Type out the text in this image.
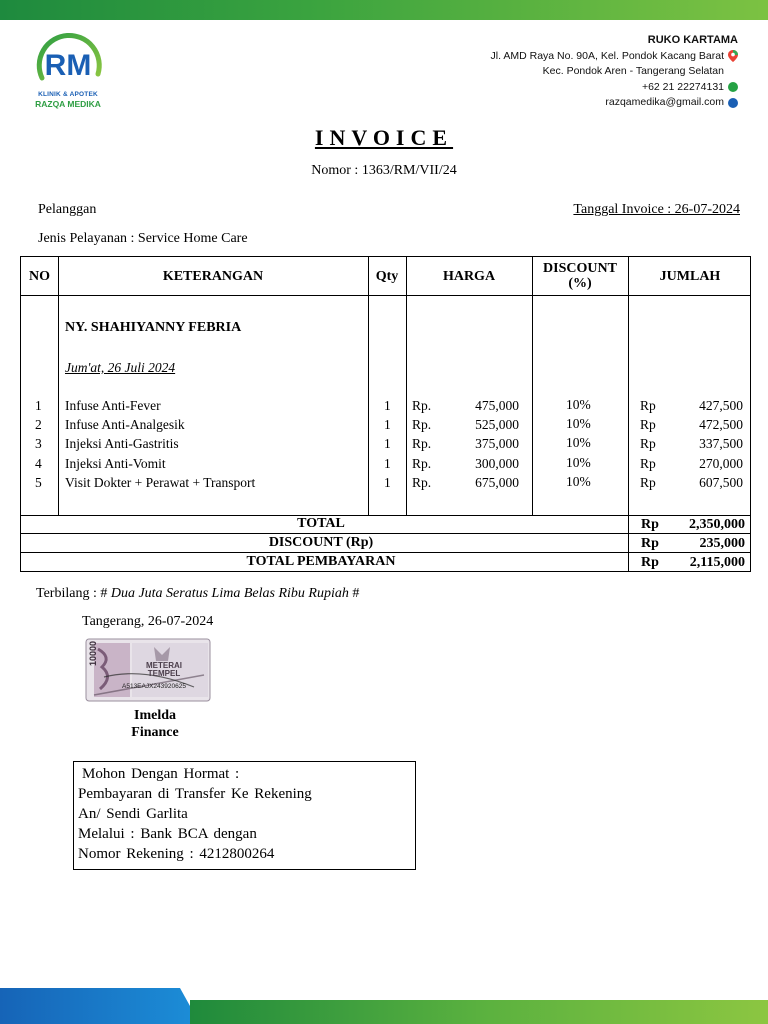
RM
KLINIK & APOTEK
RAZQA MEDIKA
RUKO KARTAMA
Jl. AMD Raya No. 90A, Kel. Pondok Kacang Barat
Kec. Pondok Aren - Tangerang Selatan
+62 21 22274131
razqamedika@gmail.com
INVOICE
Nomor : 1363/RM/VII/24
Pelanggan	Tanggal Invoice : 26-07-2024
Jenis Pelayanan : Service Home Care
NO	KETERANGAN	Qty	HARGA	DISCOUNT (%)	JUMLAH
NY. SHAHIYANNY FEBRIA
Jum'at, 26 Juli 2024
1 Infuse Anti-Fever	1 Rp.	475,000	10%	Rp	427,500
2 Infuse Anti-Analgesik	1 Rp.	525,000	10%	Rp	472,500
3 Injeksi Anti-Gastritis	1 Rp.	375,000	10%	Rp	337,500
4 Injeksi Anti-Vomit	1 Rp.	300,000	10%	Rp	270,000
5 Visit Dokter + Perawat + Transport	1 Rp.	675,000	10%	Rp	607,500
TOTAL	Rp 2,350,000
DISCOUNT (Rp)	Rp	235,000
TOTAL PEMBAYARAN	Rp 2,115,000
Terbilang : # Dua Juta Seratus Lima Belas Ribu Rupiah #
Tangerang, 26-07-2024
METERAI TEMPEL
10000
A513EAJX243920625
Imelda
Finance
Mohon Dengan Hormat :
Pembayaran di Transfer Ke Rekening
An/ Sendi Garlita
Melalui : Bank BCA dengan
Nomor Rekening : 4212800264
